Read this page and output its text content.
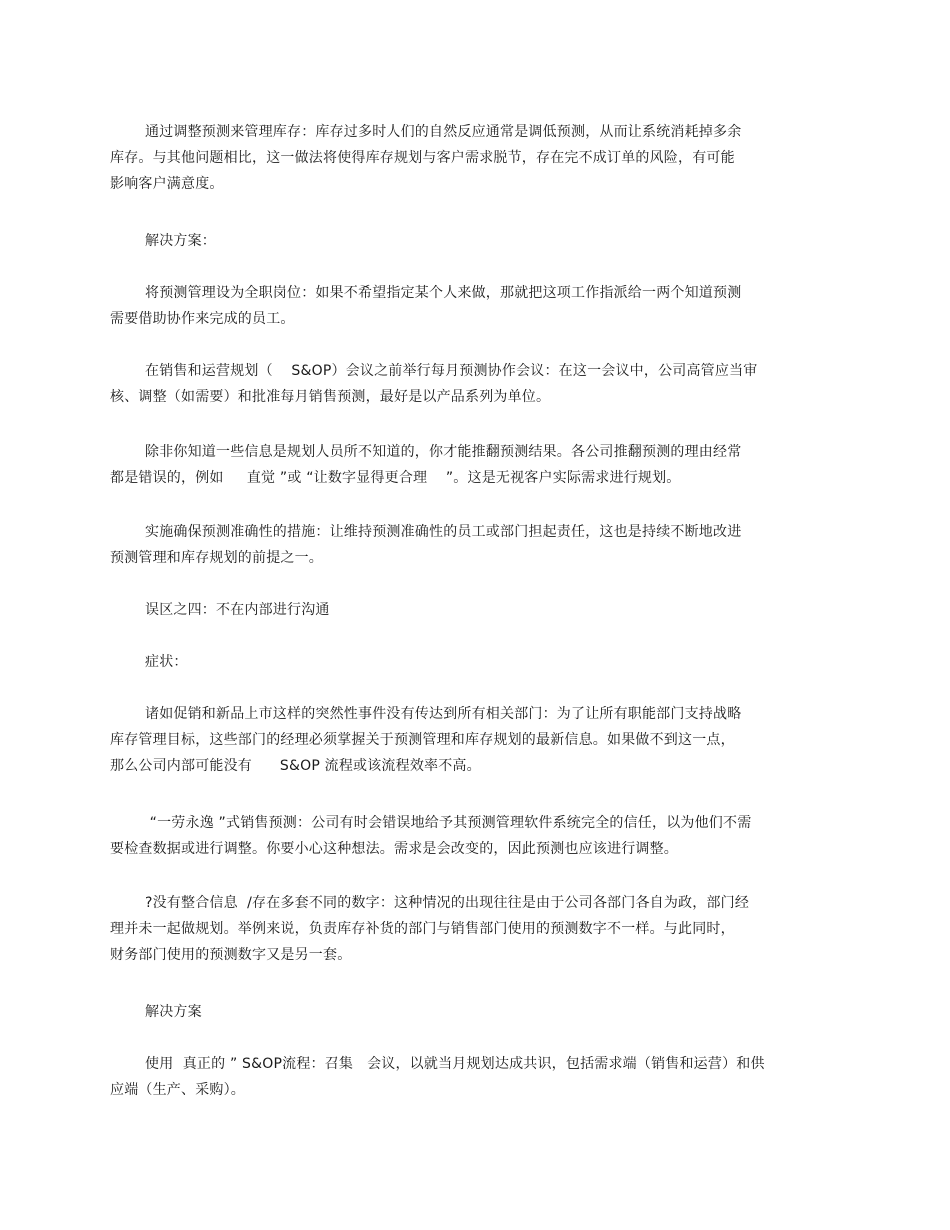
通过调整预测来管理库存：库存过多时人们的自然反应通常是调低预测，从而让系统消耗掉多余
库存。与其他问题相比，这一做法将使得库存规划与客户需求脱节，存在完不成订单的风险，有可能
影响客户满意度。
解决方案：
将预测管理设为全职岗位：如果不希望指定某个人来做，那就把这项工作指派给一两个知道预测
需要借助协作来完成的员工。
在销售和运营规划（    S&OP）会议之前举行每月预测协作会议：在这一会议中，公司高管应当审
核、调整（如需要）和批准每月销售预测，最好是以产品系列为单位。
除非你知道一些信息是规划人员所不知道的，你才能推翻预测结果。各公司推翻预测的理由经常
都是错误的，例如     直觉 ”或 “让数字显得更合理    ”。这是无视客户实际需求进行规划。
实施确保预测准确性的措施：让维持预测准确性的员工或部门担起责任，这也是持续不断地改进
预测管理和库存规划的前提之一。
误区之四：不在内部进行沟通
症状：
诸如促销和新品上市这样的突然性事件没有传达到所有相关部门：为了让所有职能部门支持战略
库存管理目标，这些部门的经理必须掌握关于预测管理和库存规划的最新信息。如果做不到这一点，
那么公司内部可能没有      S&OP 流程或该流程效率不高。
“一劳永逸 ”式销售预测：公司有时会错误地给予其预测管理软件系统完全的信任，以为他们不需
要检查数据或进行调整。你要小心这种想法。需求是会改变的，因此预测也应该进行调整。
?没有整合信息  /存在多套不同的数字：这种情况的出现往往是由于公司各部门各自为政，部门经
理并未一起做规划。举例来说，负责库存补货的部门与销售部门使用的预测数字不一样。与此同时，
财务部门使用的预测数字又是另一套。
解决方案
使用  真正的 ” S&OP流程：召集   会议，以就当月规划达成共识，包括需求端（销售和运营）和供
应端（生产、采购）。
